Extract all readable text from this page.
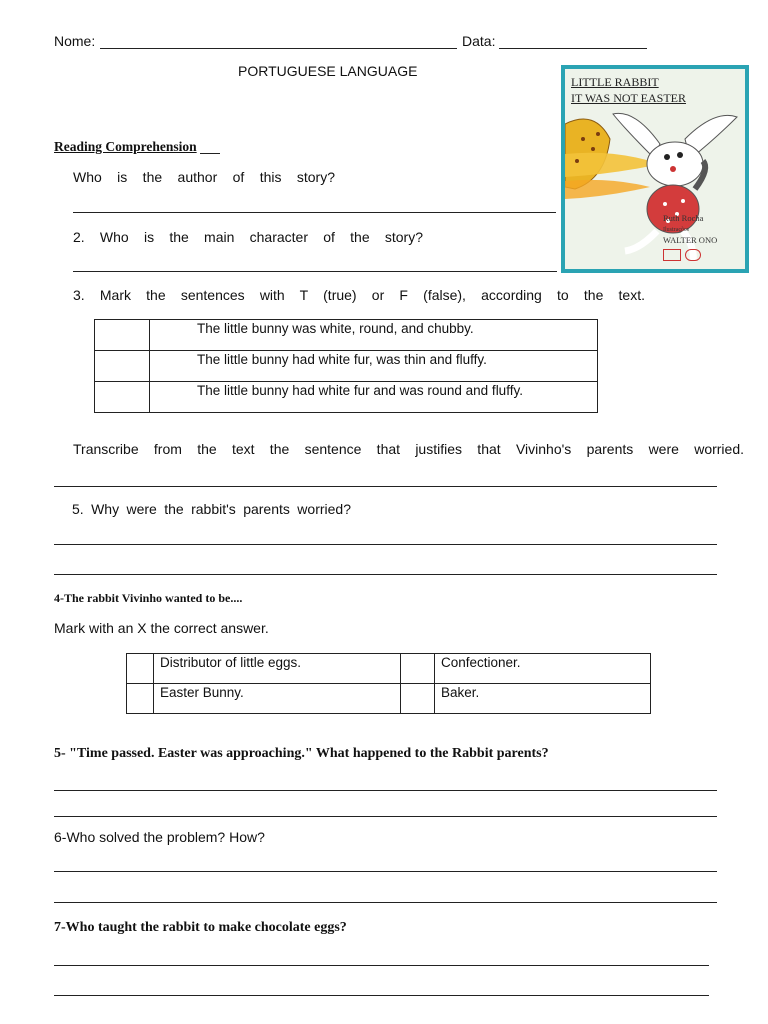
Nome:	Data:
PORTUGUESE LANGUAGE
LITTLE RABBIT
IT WAS NOT EASTER
Ruth Rocha
Ilustrações
WALTER ONO
Reading Comprehension
Who is the author of this story?
2. Who is the main character of the story?
3. Mark the sentences with T (true) or F (false), according to the text.
	The little bunny was white, round, and chubby.
	The little bunny had white fur, was thin and fluffy.
	The little bunny had white fur and was round and fluffy.
Transcribe from the text the sentence that justifies that Vivinho's parents were worried.
5. Why were the rabbit's parents worried?
4-The rabbit Vivinho wanted to be....
Mark with an X the correct answer.
	Distributor of little eggs.		Confectioner.
	Easter Bunny.		Baker.
5- "Time passed. Easter was approaching." What happened to the Rabbit parents?
6-Who solved the problem? How?
7-Who taught the rabbit to make chocolate eggs?
